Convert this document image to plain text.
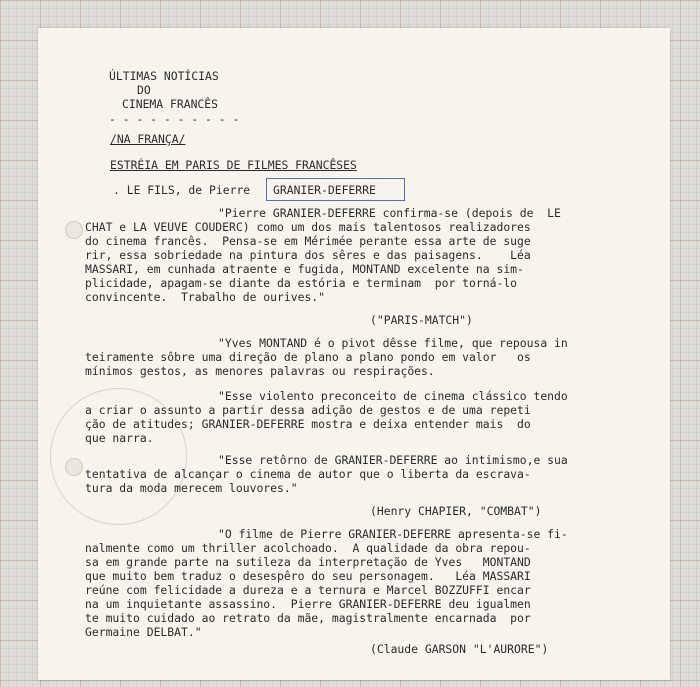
ÚLTIMAS NOTÍCIAS
DO
CINEMA FRANCÊS
- - - - - - - - - -
/NA FRANÇA/
ESTRÉIA EM PARIS DE FILMES FRANCÊSES
. LE FILS, de Pierre GRANIER-DEFERRE
"Pierre GRANIER-DEFERRE confirma-se (depois de  LE
CHAT e LA VEUVE COUDERC) como um dos mais talentosos realizadores
do cinema francês.  Pensa-se em Mérimée perante essa arte de suge
rir, essa sobriedade na pintura dos sêres e das paisagens.    Léa
MASSARI, em cunhada atraente e fugida, MONTAND excelente na sim-
plicidade, apagam-se diante da estória e terminam  por torná-lo
convincente.  Trabalho de ourives."
("PARIS-MATCH")
"Yves MONTAND é o pivot dêsse filme, que repousa in
teiramente sôbre uma direção de plano a plano pondo em valor   os
mínimos gestos, as menores palavras ou respirações.
"Esse violento preconceito de cinema clássico tendo
a criar o assunto a partir dessa adição de gestos e de uma repeti
ção de atitudes; GRANIER-DEFERRE mostra e deixa entender mais  do
que narra.
"Esse retôrno de GRANIER-DEFERRE ao intimismo,e sua
tentativa de alcançar o cinema de autor que o liberta da escrava-
tura da moda merecem louvores."
(Henry CHAPIER, "COMBAT")
"O filme de Pierre GRANIER-DEFERRE apresenta-se fi-
nalmente como um thriller acolchoado.  A qualidade da obra repou-
sa em grande parte na sutileza da interpretação de Yves   MONTAND
que muito bem traduz o desespêro do seu personagem.   Léa MASSARI
reúne com felicidade a dureza e a ternura e Marcel BOZZUFFI encar
na um inquietante assassino.  Pierre GRANIER-DEFERRE deu igualmen
te muito cuidado ao retrato da mãe, magistralmente encarnada  por
Germaine DELBAT."
(Claude GARSON "L'AURORE")
